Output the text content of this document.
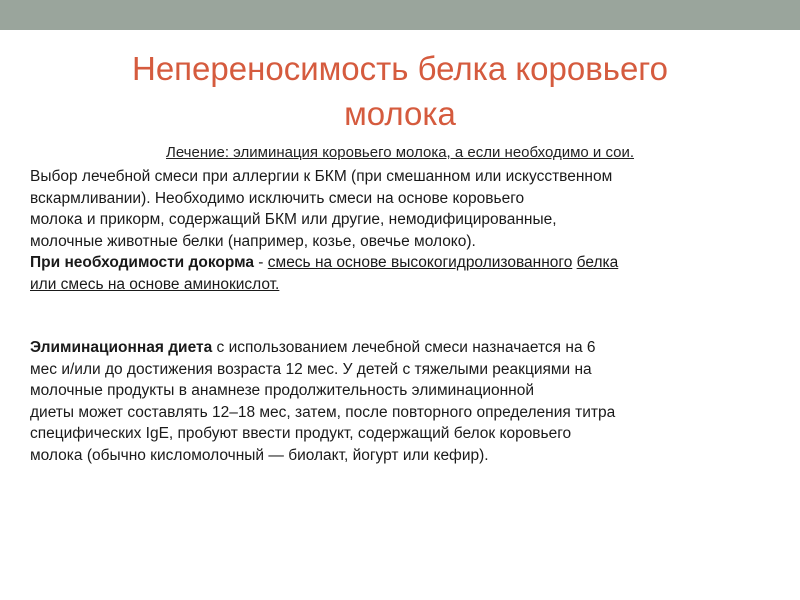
Непереносимость белка коровьего
молока
Лечение: элиминация коровьего молока, а если необходимо и сои.

Выбор лечебной смеси при аллергии к БКМ (при смешанном или искусственном
вскармливании). Необходимо исключить смеси на основе коровьего
молока и прикорм, содержащий БКМ или другие, немодифицированные,
молочные животные белки (например, козье, овечье молоко).

При необходимости докорма - смесь на основе высокогидролизованного белка
или смесь на основе аминокислот.

Элиминационная диета с использованием лечебной смеси назначается на 6
мес и/или до достижения возраста 12 мес. У детей с тяжелыми реакциями на
молочные продукты в анамнезе продолжительность элиминационной
диеты может составлять 12–18 мес, затем, после повторного определения титра
специфических IgE, пробуют ввести продукт, содержащий белок коровьего
молока (обычно кисломолочный — биолакт, йогурт или кефир).
